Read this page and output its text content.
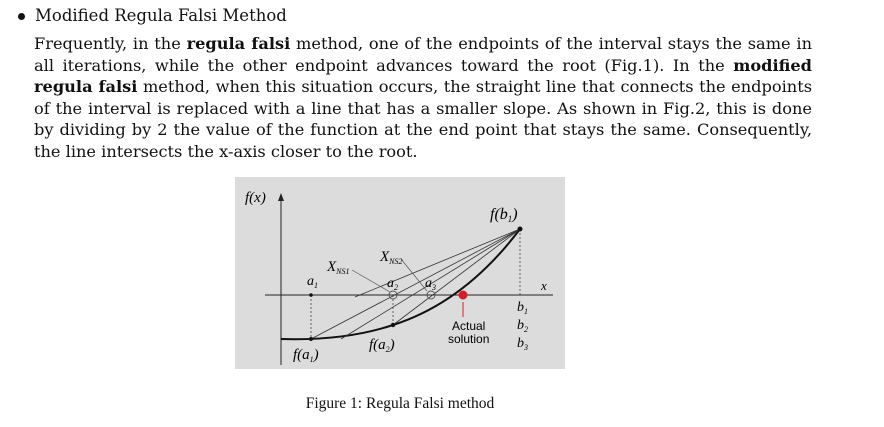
Modified Regula Falsi Method
Frequently, in the regula falsi method, one of the endpoints of the interval stays the same in all iterations, while the other endpoint advances toward the root (Fig.1). In the modified regula falsi method, when this situation occurs, the straight line that connects the endpoints of the interval is replaced with a line that has a smaller slope. As shown in Fig.2, this is done by dividing by 2 the value of the function at the end point that stays the same. Consequently, the line intersects the x-axis closer to the root.
f(x)
f(b1)
x
$a_1$	$a_2$ $a_3$
$X_{NS1}$
$X_{NS2}$
$f(a_1)$
$f(a_2)$
$b_1$
$b_2$
$b_3$
Actual
solution
Figure 1: Regula Falsi method
